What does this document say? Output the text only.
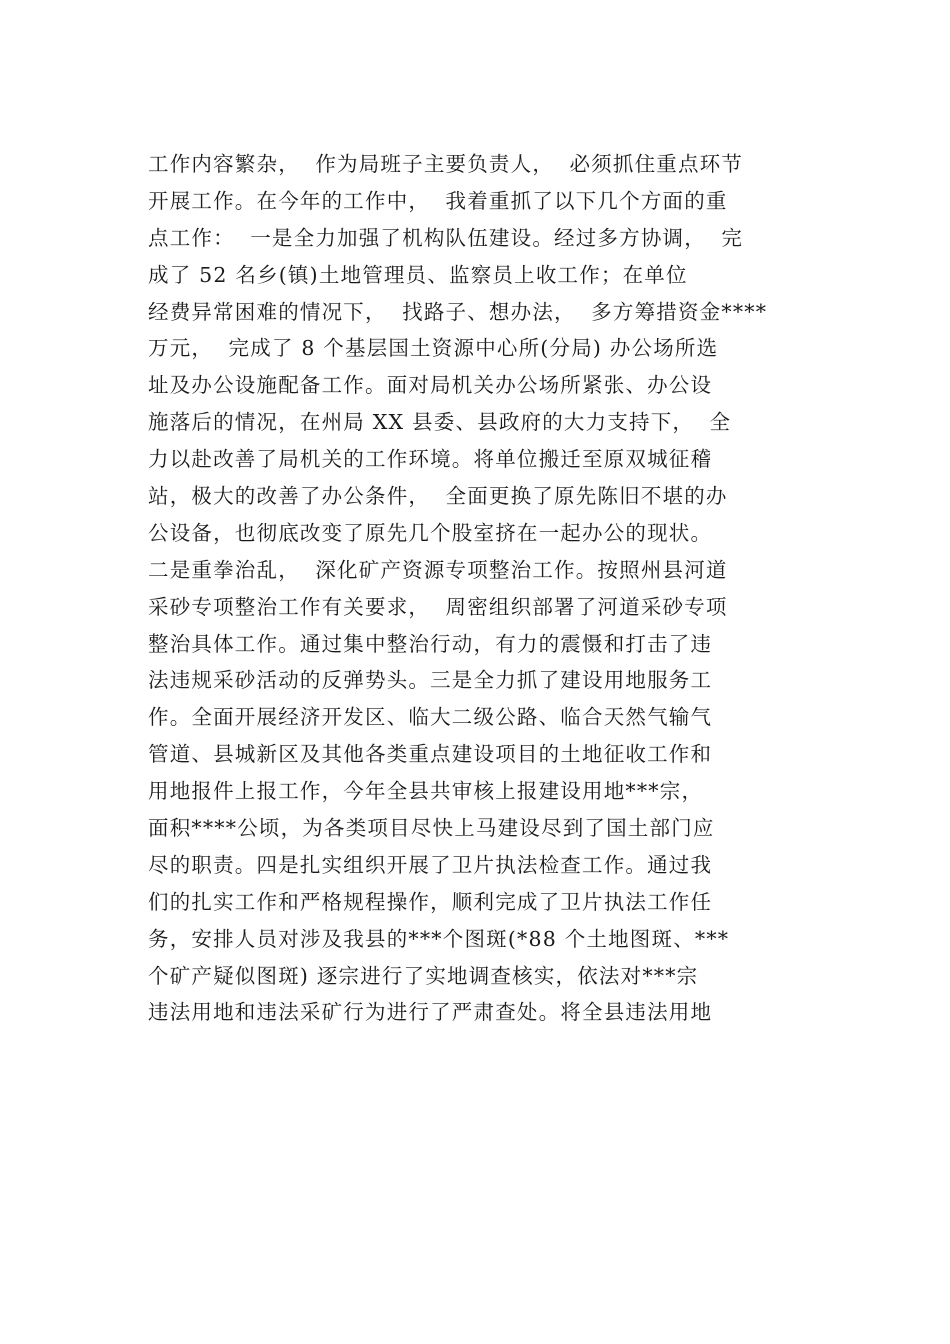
工作内容繁杂，  作为局班子主要负责人，  必须抓住重点环节
开展工作。在今年的工作中，  我着重抓了以下几个方面的重
点工作：  一是全力加强了机构队伍建设。经过多方协调，  完
成了 52 名乡(镇)土地管理员、监察员上收工作；在单位
经费异常困难的情况下，  找路子、想办法，  多方筹措资金****
万元，  完成了 8 个基层国土资源中心所(分局) 办公场所选
址及办公设施配备工作。面对局机关办公场所紧张、办公设
施落后的情况，在州局 XX 县委、县政府的大力支持下，  全
力以赴改善了局机关的工作环境。将单位搬迁至原双城征稽
站，极大的改善了办公条件，  全面更换了原先陈旧不堪的办
公设备，也彻底改变了原先几个股室挤在一起办公的现状。
二是重拳治乱，  深化矿产资源专项整治工作。按照州县河道
采砂专项整治工作有关要求，  周密组织部署了河道采砂专项
整治具体工作。通过集中整治行动，有力的震慑和打击了违
法违规采砂活动的反弹势头。三是全力抓了建设用地服务工
作。全面开展经济开发区、临大二级公路、临合天然气输气
管道、县城新区及其他各类重点建设项目的土地征收工作和
用地报件上报工作，今年全县共审核上报建设用地***宗，
面积****公顷，为各类项目尽快上马建设尽到了国土部门应
尽的职责。四是扎实组织开展了卫片执法检查工作。通过我
们的扎实工作和严格规程操作，顺利完成了卫片执法工作任
务，安排人员对涉及我县的***个图斑(*88 个土地图斑、***
个矿产疑似图斑) 逐宗进行了实地调查核实，依法对***宗
违法用地和违法采矿行为进行了严肃查处。将全县违法用地
